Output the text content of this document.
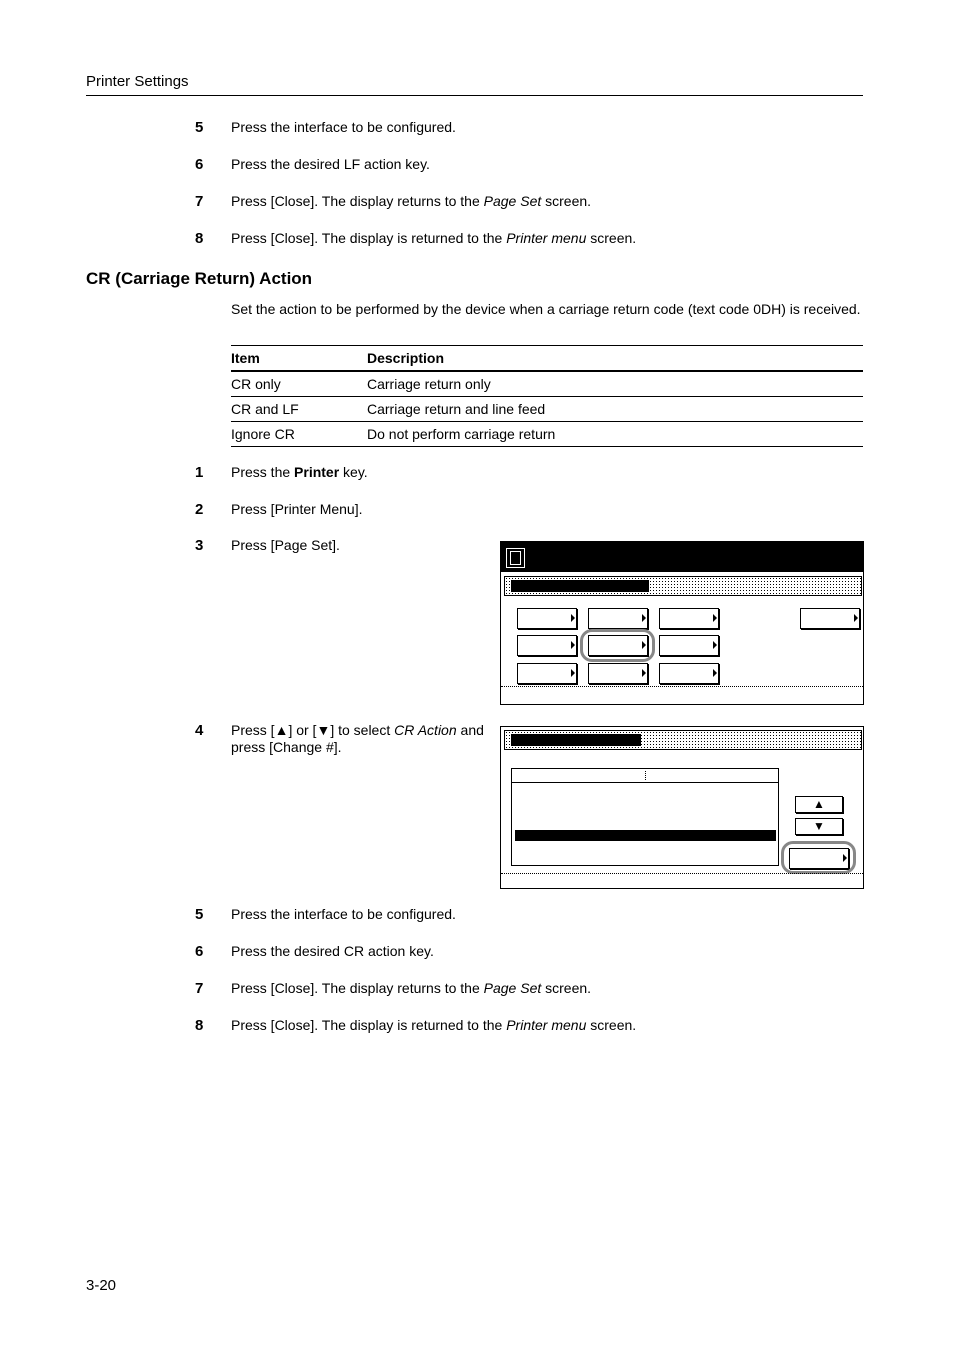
Printer Settings
5 Press the interface to be configured.
6 Press the desired LF action key.
7 Press [Close]. The display returns to the Page Set screen.
8 Press [Close]. The display is returned to the Printer menu screen.
CR (Carriage Return) Action
Set the action to be performed by the device when a carriage return code (text code 0DH) is received.
Item	Description
CR only	Carriage return only
CR and LF	Carriage return and line feed
Ignore CR	Do not perform carriage return
1 Press the Printer key.
2 Press [Printer Menu].
3 Press [Page Set].
4 Press [▲] or [▼] to select CR Action and
press [Change #].
▲
▼
5 Press the interface to be configured.
6 Press the desired CR action key.
7 Press [Close]. The display returns to the Page Set screen.
8 Press [Close]. The display is returned to the Printer menu screen.
3-20
